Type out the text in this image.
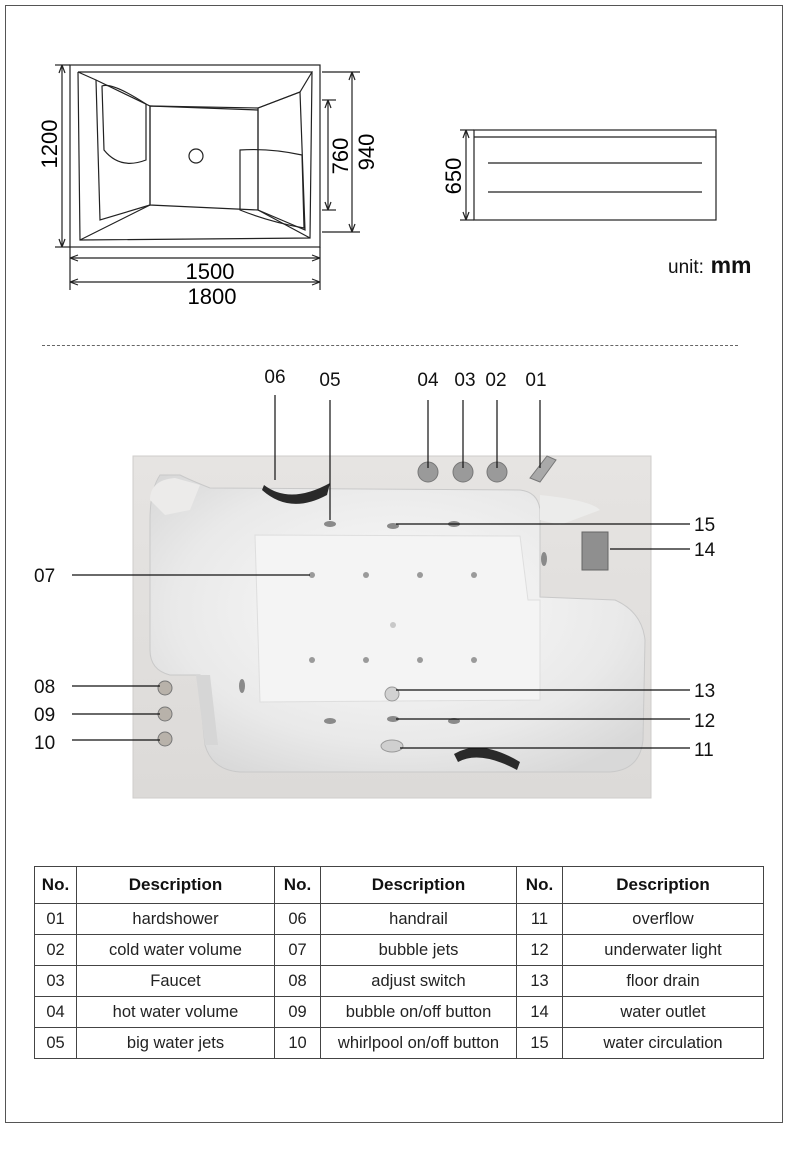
1200	760 940
1500
1800
650
unit: mm
01
02
03
04
05
06
07
08
09
10	11
12
13
14
15
No.	Description	No.	Description	No.	Description
01	hardshower	06	handrail	11	overflow
02	cold water volume	07	bubble jets	12	underwater light
03	Faucet	08	adjust switch	13	floor drain
04	hot water volume	09	bubble on/off button	14	water outlet
05	big water jets	10	whirlpool on/off button	15	water circulation
